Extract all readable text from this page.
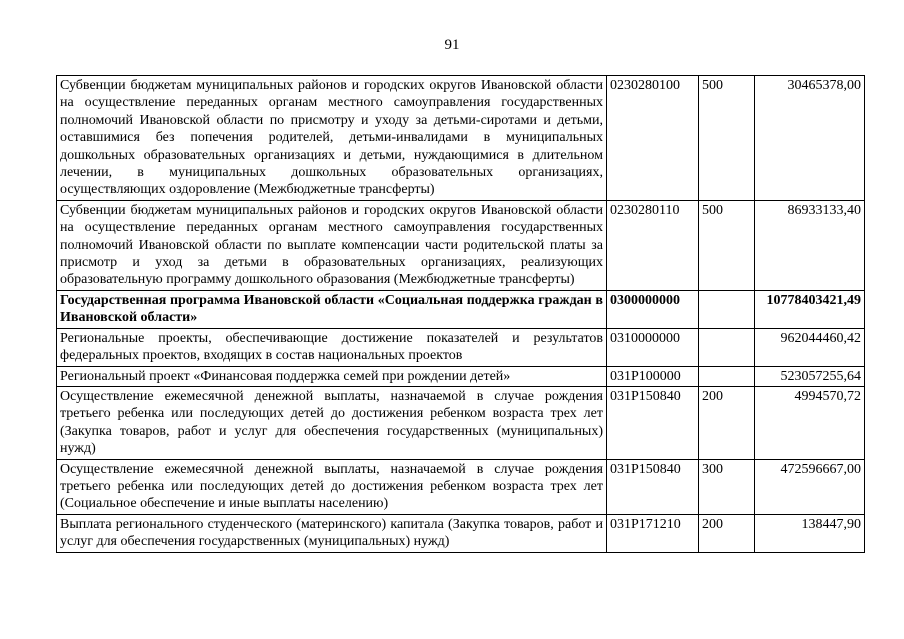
91
Субвенции бюджетам муниципальных районов и городских округов Ивановской области на осуществление переданных органам местного самоуправления государственных полномочий Ивановской области по присмотру и уходу за детьми-сиротами и детьми, оставшимися без попечения родителей, детьми-инвалидами в муниципальных дошкольных образовательных организациях и детьми, нуждающимися в длительном лечении, в муниципальных дошкольных образовательных организациях, осуществляющих оздоровление (Межбюджетные трансферты)	0230280100	500	30465378,00
Субвенции бюджетам муниципальных районов и городских округов Ивановской области на осуществление переданных органам местного самоуправления государственных полномочий Ивановской области по выплате компенсации части родительской платы за присмотр и уход за детьми в образовательных организациях, реализующих образовательную программу дошкольного образования (Межбюджетные трансферты)	0230280110	500	86933133,40
Государственная программа Ивановской области «Социальная поддержка граждан в Ивановской области»	0300000000		10778403421,49
Региональные проекты, обеспечивающие достижение показателей и результатов федеральных проектов, входящих в состав национальных проектов	0310000000		962044460,42
Региональный проект «Финансовая поддержка семей при рождении детей»	031P100000		523057255,64
Осуществление ежемесячной денежной выплаты, назначаемой в случае рождения третьего ребенка или последующих детей до достижения ребенком возраста трех лет (Закупка товаров, работ и услуг для обеспечения государственных (муниципальных) нужд)	031P150840	200	4994570,72
Осуществление ежемесячной денежной выплаты, назначаемой в случае рождения третьего ребенка или последующих детей до достижения ребенком возраста трех лет (Социальное обеспечение и иные выплаты населению)	031P150840	300	472596667,00
Выплата регионального студенческого (материнского) капитала (Закупка товаров, работ и услуг для обеспечения государственных (муниципальных) нужд)	031P171210	200	138447,90
